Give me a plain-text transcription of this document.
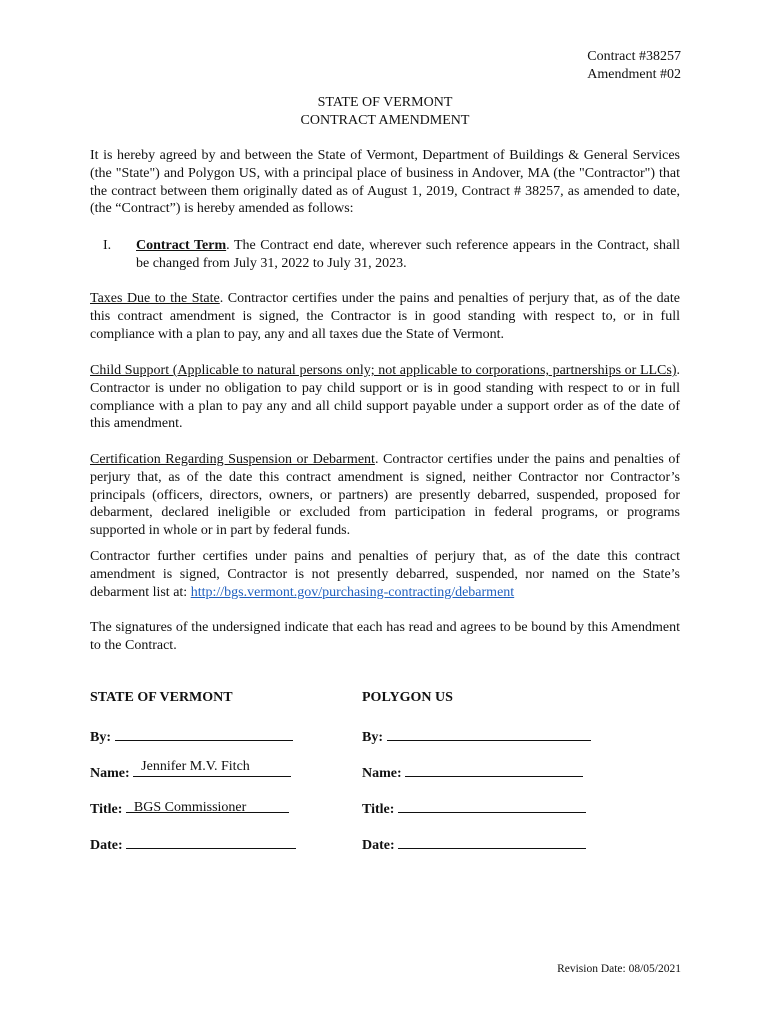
Contract #38257
Amendment #02
STATE OF VERMONT
CONTRACT AMENDMENT

It is hereby agreed by and between the State of Vermont, Department of Buildings & General Services (the "State") and Polygon US, with a principal place of business in Andover, MA (the "Contractor") that the contract between them originally dated as of August 1, 2019, Contract # 38257, as amended to date, (the “Contract”) is hereby amended as follows:

I. Contract Term. The Contract end date, wherever such reference appears in the Contract, shall be changed from July 31, 2022 to July 31, 2023.

Taxes Due to the State. Contractor certifies under the pains and penalties of perjury that, as of the date this contract amendment is signed, the Contractor is in good standing with respect to, or in full compliance with a plan to pay, any and all taxes due the State of Vermont.

Child Support (Applicable to natural persons only; not applicable to corporations, partnerships or LLCs). Contractor is under no obligation to pay child support or is in good standing with respect to or in full compliance with a plan to pay any and all child support payable under a support order as of the date of this amendment.

Certification Regarding Suspension or Debarment. Contractor certifies under the pains and penalties of perjury that, as of the date this contract amendment is signed, neither Contractor nor Contractor’s principals (officers, directors, owners, or partners) are presently debarred, suspended, proposed for debarment, declared ineligible or excluded from participation in federal programs, or programs supported in whole or in part by federal funds.

Contractor further certifies under pains and penalties of perjury that, as of the date this contract amendment is signed, Contractor is not presently debarred, suspended, nor named on the State’s debarment list at: http://bgs.vermont.gov/purchasing-contracting/debarment

The signatures of the undersigned indicate that each has read and agrees to be bound by this Amendment to the Contract.

STATE OF VERMONT
By:
Name: Jennifer M.V. Fitch
Title: BGS Commissioner
Date:
POLYGON US
By:
Name:
Title:
Date:
Revision Date: 08/05/2021
